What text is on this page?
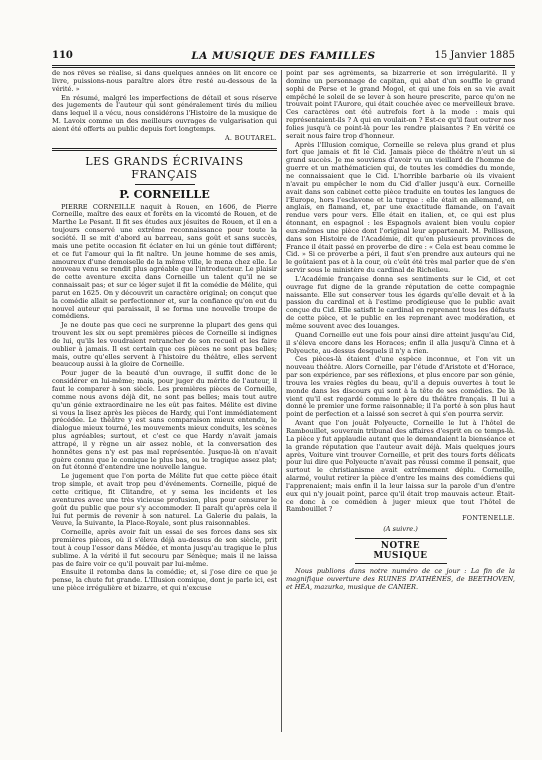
110	LA MUSIQUE DES FAMILLES	15 Janvier 1885

de nos rêves se réalise, si dans quelques années on lit encore ce livre, puissions-nous paraître alors être resté au-dessous de la vérité. »

En résumé, malgré les imperfections de détail et sous réserve des jugements de l'auteur qui sont généralement tirés du milieu dans lequel il a vécu, nous considérons l'Histoire de la musique de M. Lavoix comme un des meilleurs ouvrages de vulgarisation qui aient été offerts au public depuis fort longtemps.

A. BOUTAREL.
LES GRANDS ÉCRIVAINS FRANÇAIS
P. CORNEILLE

PIERRE CORNEILLE naquit à Rouen, en 1606, de Pierre Corneille, maître des eaux et forêts en la vicomté de Rouen, et de Marthe Le Pesant. Il fit ses études aux jésuites de Rouen, et il en a toujours conservé une extrême reconnaissance pour toute la société. Il se mit d'abord au barreau, sans goût et sans succès, mais une petite occasion fit éclater en lui un génie tout différent; et ce fut l'amour qui la fit naître. Un jeune homme de ses amis, amoureux d'une demoiselle de la même ville, le mena chez elle. Le nouveau venu se rendit plus agréable que l'introducteur. Le plaisir de cette aventure excita dans Corneille un talent qu'il ne se connaissait pas; et sur ce léger sujet il fit la comédie de Mélite, qui parut en 1625. On y découvrit un caractère original; on conçut que la comédie allait se perfectionner et, sur la confiance qu'on eut du nouvel auteur qui paraissait, il se forma une nouvelle troupe de comédiens.

Je ne doute pas que ceci ne surprenne la plupart des gens qui trouvent les six ou sept premières pièces de Corneille si indignes de lui, qu'ils les voudraient retrancher de son recueil et les faire oublier à jamais. Il est certain que ces pièces ne sont pas belles; mais, outre qu'elles servent à l'histoire du théâtre, elles servent beaucoup aussi à la gloire de Corneille.

Pour juger de la beauté d'un ouvrage, il suffit donc de le considérer en lui-même; mais, pour juger du mérite de l'auteur, il faut le comparer à son siècle. Les premières pièces de Corneille, comme nous avons déjà dit, ne sont pas belles; mais tout autre qu'un génie extraordinaire ne les eût pas faites. Mélite est divine si vous la lisez après les pièces de Hardy, qui l'ont immédiatement précédée. Le théâtre y est sans comparaison mieux entendu, le dialogue mieux tourné, les mouvements mieux conduits, les scènes plus agréables; surtout, et c'est ce que Hardy n'avait jamais attrapé, il y règne un air assez noble, et la conversation des honnêtes gens n'y est pas mal représentée. Jusque-là on n'avait guère connu que le comique le plus bas, ou le tragique assez plat; on fut étonné d'entendre une nouvelle langue.

Le jugement que l'on porta de Mélite fut que cette pièce était trop simple, et avait trop peu d'événements. Corneille, piqué de cette critique, fit Clitandre, et y sema les incidents et les aventures avec une très vicieuse profusion, plus pour censurer le goût du public que pour s'y accommoder. Il paraît qu'après cela il lui fut permis de revenir à son naturel. La Galerie du palais, la Veuve, la Suivante, la Place-Royale, sont plus raisonnables.

Corneille, après avoir fait un essai de ses forces dans ses six premières pièces, où il s'éleva déjà au-dessus de son siècle, prit tout à coup l'essor dans Médée, et monta jusqu'au tragique le plus sublime. A la vérité il fut secouru par Sénèque; mais il ne laissa pas de faire voir ce qu'il pouvait par lui-même.

Ensuite il retomba dans la comédie; et, si j'ose dire ce que je pense, la chute fut grande. L'Illusion comique, dont je parle ici, est une pièce irrégulière et bizarre, et qui n'excuse

point par ses agréments, sa bizarrerie et son irrégularité. Il y domine un personnage de capitan, qui abat d'un souffle le grand sophi de Perse et le grand Mogol, et qui une fois en sa vie avait empêché le soleil de se lever à son heure prescrite, parce qu'on ne trouvait point l'Aurore, qui était couchée avec ce merveilleux brave. Ces caractères ont été autrefois fort à la mode : mais qui représentaient-ils ? A qui en voulait-on ? Est-ce qu'il faut outrer nos folies jusqu'à ce point-là pour les rendre plaisantes ? En vérité ce serait nous faire trop d'honneur.

Après l'Illusion comique, Corneille se releva plus grand et plus fort que jamais et fit le Cid. Jamais pièce de théâtre n'eut un si grand succès. Je me souviens d'avoir vu un vieillard de l'homme de guerre et un mathématicien qui, de toutes les comédies du monde, ne connaissaient que le Cid. L'horrible barbarie où ils vivaient n'avait pu empêcher le nom du Cid d'aller jusqu'à eux. Corneille avait dans son cabinet cette pièce traduite en toutes les langues de l'Europe, hors l'esclavone et la turque : elle était en allemand, en anglais, en flamand, et, par une exactitude flamande, on l'avait rendue vers pour vers. Elle était en italien, et, ce qui est plus étonnant, en espagnol : les Espagnols avaient bien voulu copier eux-mêmes une pièce dont l'original leur appartenait. M. Pellisson, dans son Histoire de l'Académie, dit qu'en plusieurs provinces de France il était passé en proverbe de dire : « Cela est beau comme le Cid. » Si ce proverbe a péri, il faut s'en prendre aux auteurs qui ne le goûtaient pas et à la cour, où c'eût été très mal parler que de s'en servir sous le ministère du cardinal de Richelieu.

L'Académie française donna ses sentiments sur le Cid, et cet ouvrage fut digne de la grande réputation de cette compagnie naissante. Elle sut conserver tous les égards qu'elle devait et à la passion du cardinal et à l'estime prodigieuse que le public avait conçue du Cid. Elle satisfit le cardinal en reprenant tous les défauts de cette pièce, et le public en les reprenant avec modération, et même souvent avec des louanges.

Quand Corneille eut une fois pour ainsi dire atteint jusqu'au Cid, il s'éleva encore dans les Horaces; enfin il alla jusqu'à Cinna et à Polyeucte, au-dessus desquels il n'y a rien.

Ces pièces-là étaient d'une espèce inconnue, et l'on vit un nouveau théâtre. Alors Corneille, par l'étude d'Aristote et d'Horace, par son expérience, par ses réflexions, et plus encore par son génie, trouva les vraies règles du beau, qu'il a depuis ouvertes à tout le monde dans les discours qui sont à la tête de ses comédies. De là vient qu'il est regardé comme le père du théâtre français. Il lui a donné le premier une forme raisonnable; il l'a porté à son plus haut point de perfection et a laissé son secret à qui s'en pourra servir.

Avant que l'on jouât Polyeucte, Corneille le lut à l'hôtel de Rambouillet, souverain tribunal des affaires d'esprit en ce temps-là. La pièce y fut applaudie autant que le demandaient la bienséance et la grande réputation que l'auteur avait déjà. Mais quelques jours après, Voiture vint trouver Corneille, et prit des tours forts délicats pour lui dire que Polyeucte n'avait pas réussi comme il pensait, que surtout le christianisme avait extrêmement déplu. Corneille, alarmé, voulut retirer la pièce d'entre les mains des comédiens qui l'apprenaient; mais enfin il la leur laissa sur la parole d'un d'entre eux qui n'y jouait point, parce qu'il était trop mauvais acteur. Était-ce donc à ce comédien à juger mieux que tout l'hôtel de Rambouillet ?

FONTENELLE.
(A suivre.)
NOTRE MUSIQUE

Nous publions dans notre numéro de ce jour : La fin de la magnifique ouverture des RUINES D'ATHÈNES, de BEETHOVEN, et HÉA, mazurka, musique de CANIER.
